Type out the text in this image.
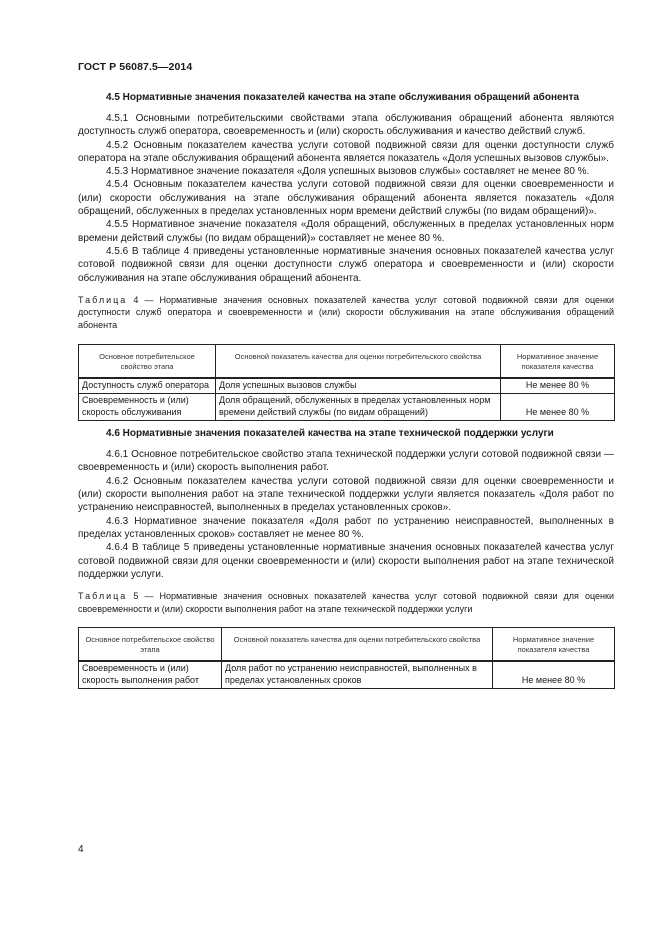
ГОСТ Р 56087.5—2014
4.5 Нормативные значения показателей качества на этапе обслуживания обращений абонента

4.5.1 Основными потребительскими свойствами этапа обслуживания обращений абонента являются доступность служб оператора, своевременность и (или) скорость обслуживания и качество действий служб.

4.5.2 Основным показателем качества услуги сотовой подвижной связи для оценки доступности служб оператора на этапе обслуживания обращений абонента является показатель «Доля успешных вызовов службы».

4.5.3 Нормативное значение показателя «Доля успешных вызовов службы» составляет не менее 80 %.

4.5.4 Основным показателем качества услуги сотовой подвижной связи для оценки своевременности и (или) скорости обслуживания на этапе обслуживания обращений абонента является показатель «Доля обращений, обслуженных в пределах установленных норм времени действий службы (по видам обращений)».

4.5.5 Нормативное значение показателя «Доля обращений, обслуженных в пределах установленных норм времени действий службы (по видам обращений)» составляет не менее 80 %.

4.5.6 В таблице 4 приведены установленные нормативные значения основных показателей качества услуг сотовой подвижной связи для оценки доступности служб оператора и своевременности и (или) скорости обслуживания на этапе обслуживания обращений абонента.

Таблица 4 — Нормативные значения основных показателей качества услуг сотовой подвижной связи для оценки доступности служб оператора и своевременности и (или) скорости обслуживания на этапе обслуживания обращений абонента
Основное потребительское свойство этапа	Основной показатель качества для оценки потребительского свойства	Нормативное значение показателя качества
Доступность служб оператора	Доля успешных вызовов службы	Не менее 80 %
Своевременность и (или) скорость обслуживания	Доля обращений, обслуженных в пределах установленных норм времени действий службы (по видам обращений)	Не менее 80 %
4.6 Нормативные значения показателей качества на этапе технической поддержки услуги

4.6.1 Основное потребительское свойство этапа технической поддержки услуги сотовой подвижной связи — своевременность и (или) скорость выполнения работ.

4.6.2 Основным показателем качества услуги сотовой подвижной связи для оценки своевременности и (или) скорости выполнения работ на этапе технической поддержки услуги является показатель «Доля работ по устранению неисправностей, выполненных в пределах установленных сроков».

4.6.3 Нормативное значение показателя «Доля работ по устранению неисправностей, выполненных в пределах установленных сроков» составляет не менее 80 %.

4.6.4 В таблице 5 приведены установленные нормативные значения основных показателей качества услуг сотовой подвижной связи для оценки своевременности и (или) скорости выполнения работ на этапе технической поддержки услуги.

Таблица 5 — Нормативные значения основных показателей качества услуг сотовой подвижной связи для оценки своевременности и (или) скорости выполнения работ на этапе технической поддержки услуги
Основное потребительское свойство этапа	Основной показатель качества для оценки потребительского свойства	Нормативное значение показателя качества
Своевременность и (или) скорость выполнения работ	Доля работ по устранению неисправностей, выполненных в пределах установленных сроков	Не менее 80 %
4
